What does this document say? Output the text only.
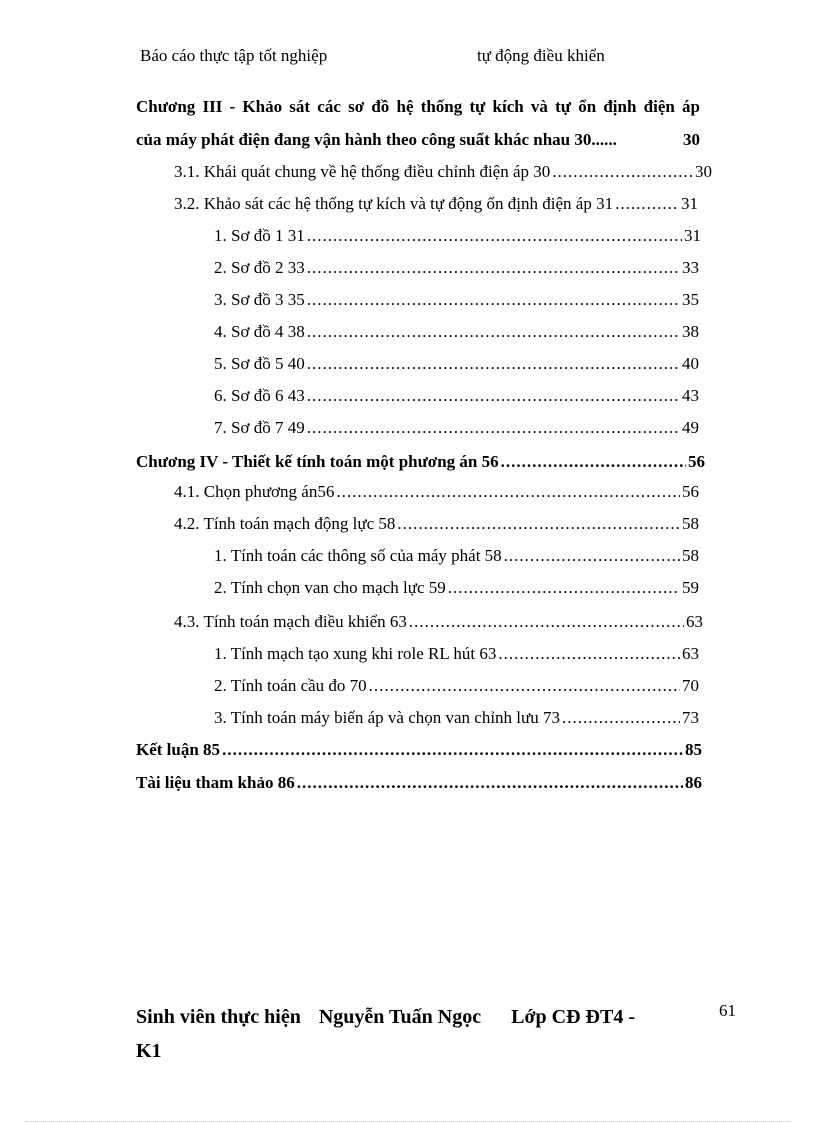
Báo cáo thực tập tốt nghiệp	tự động điều khiển
Chương III - Khảo sát các sơ đồ hệ thống tự kích và tự ổn định điện áp
của máy phát điện đang vận hành theo công suất khác nhau 30 ......	30
3.1. Khái quát chung về hệ thống điều chỉnh điện áp 30 .....	30
3.2. Khảo sát các hệ thống tự kích và tự động ổn định điện áp 31 .....	31
1. Sơ đồ 1 31 .....	31
2. Sơ đồ 2 33 .....	33
3. Sơ đồ 3 35 .....	35
4. Sơ đồ 4 38 .....	38
5. Sơ đồ 5 40 .....	40
6. Sơ đồ 6 43 .....	43
7. Sơ đồ 7 49 .....	49
Chương IV - Thiết kế tính toán một phương án 56 .....	56
4.1. Chọn phương án56 .....	56
4.2. Tính toán mạch động lực 58 .....	58
1. Tính toán các thông số của máy phát 58 .....	58
2. Tính chọn van cho mạch lực 59 .....	59
4.3. Tính toán mạch điều khiển 63 .....	63
1. Tính mạch tạo xung khi role RL hút 63 .....	63
2. Tính toán cầu đo 70 .....	70
3. Tính toán máy biến áp và chọn van chỉnh lưu 73 .....	73
Kết luận 85 .....	85
Tài liệu tham khảo 86 .....	86
Sinh viên thực hiện Nguyễn Tuấn Ngọc Lớp CĐ ĐT4 -
K1
61
